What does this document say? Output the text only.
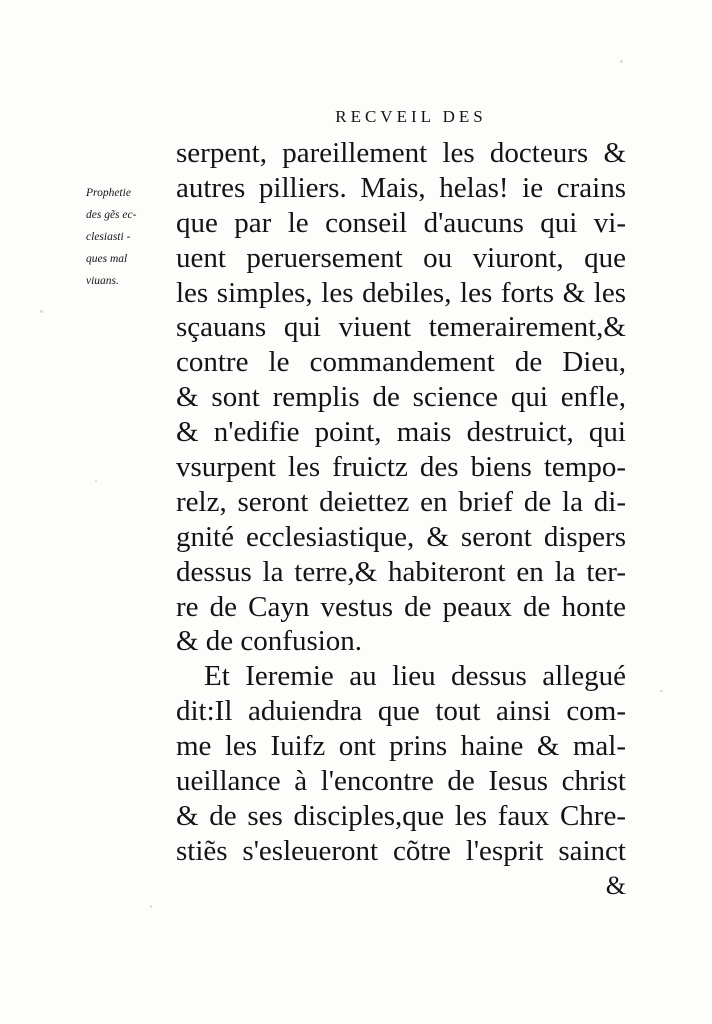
RECVEIL DES
Prophetie
des gẽs ec-
clesiasti -
ques mal
viuans.
serpent, pareillement les docteurs &
autres pilliers. Mais, helas! ie crains
que par le conseil d'aucuns qui vi-
uent peruersement ou viuront, que
les simples, les debiles, les forts & les
sçauans qui viuent temerairement,&
contre le commandement de Dieu,
& sont remplis de science qui enfle,
& n'edifie point, mais destruict, qui
vsurpent les fruictz des biens tempo-
relz, seront deiettez en brief de la di-
gnité ecclesiastique, & seront dispers
dessus la terre,& habiteront en la ter-
re de Cayn vestus de peaux de honte
& de confusion.
Et Ieremie au lieu dessus allegué
dit:Il aduiendra que tout ainsi com-
me les Iuifz ont prins haine & mal-
ueillance à l'encontre de Iesus christ
& de ses disciples,que les faux Chre-
stiẽs s'esleueront cõtre l'esprit sainct
&
